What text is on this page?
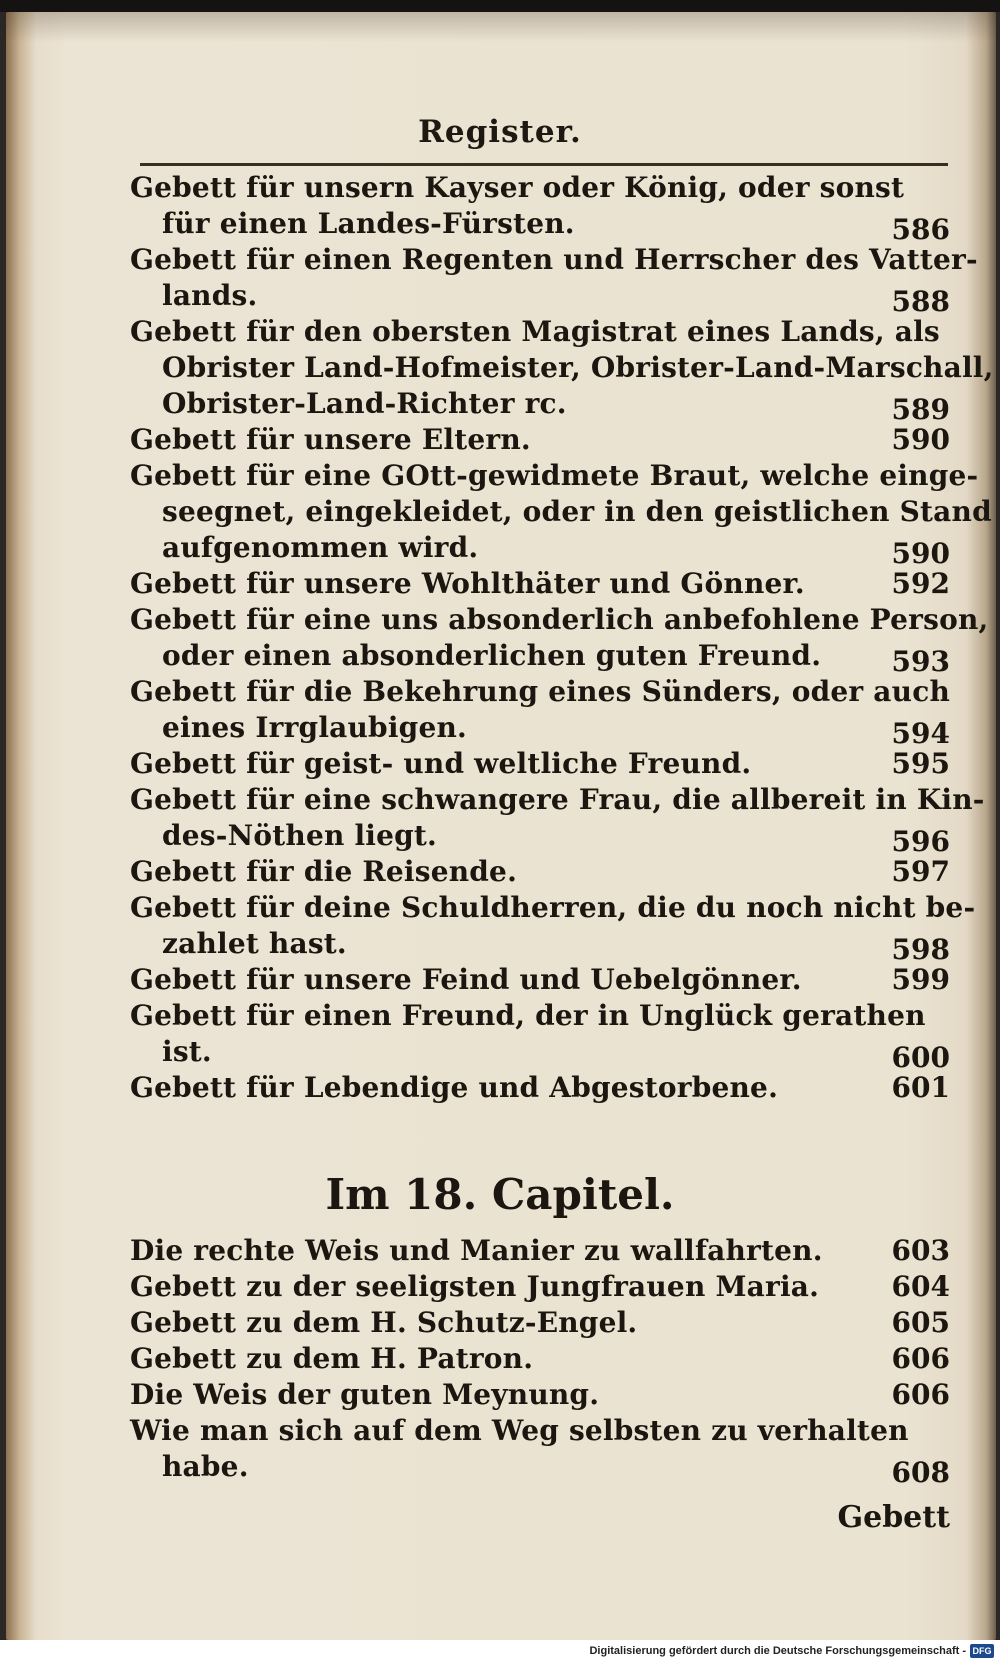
Register.
Gebett für unsern Kayser oder König, oder sonst
für einen Landes-Fürsten.	586
Gebett für einen Regenten und Herrscher des Vatter-
lands.	588
Gebett für den obersten Magistrat eines Lands, als
Obrister Land-Hofmeister, Obrister-Land-Marschall,
Obrister-Land-Richter rc.	589
Gebett für unsere Eltern.	590
Gebett für eine GOtt-gewidmete Braut, welche einge-
seegnet, eingekleidet, oder in den geistlichen Stand
aufgenommen wird.	590
Gebett für unsere Wohlthäter und Gönner.	592
Gebett für eine uns absonderlich anbefohlene Person,
oder einen absonderlichen guten Freund.	593
Gebett für die Bekehrung eines Sünders, oder auch
eines Irrglaubigen.	594
Gebett für geist- und weltliche Freund.	595
Gebett für eine schwangere Frau, die allbereit in Kin-
des-Nöthen liegt.	596
Gebett für die Reisende.	597
Gebett für deine Schuldherren, die du noch nicht be-
zahlet hast.	598
Gebett für unsere Feind und Uebelgönner.	599
Gebett für einen Freund, der in Unglück gerathen
ist.	600
Gebett für Lebendige und Abgestorbene.	601
Im 18. Capitel.
Die rechte Weis und Manier zu wallfahrten.	603
Gebett zu der seeligsten Jungfrauen Maria.	604
Gebett zu dem H. Schutz-Engel.	605
Gebett zu dem H. Patron.	606
Die Weis der guten Meynung.	606
Wie man sich auf dem Weg selbsten zu verhalten
habe.	608
Gebett
Digitalisierung gefördert durch die Deutsche Forschungsgemeinschaft - DFG
